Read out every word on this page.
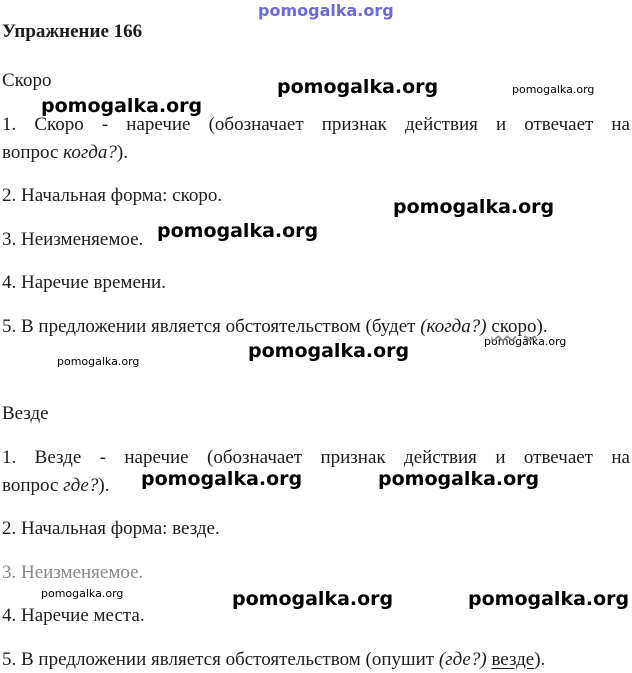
pomogalka.org
pomogalka.org	pomogalka.org
pomogalka.org
pomogalka.org
pomogalka.org
pomogalka.org	pomogalka.org
pomogalka.org
pomogalka.org	pomogalka.org
pomogalka.org	pomogalka.org	pomogalka.org
Упражнение 166
Скоро
1. Скоро - наречие (обозначает признак действия и отвечает на
вопрос когда?).
2. Начальная форма: скоро.
3. Неизменяемое.
4. Наречие времени.
5. В предложении является обстоятельством (будет (когда?) скоро).
Везде
1. Везде - наречие (обозначает признак действия и отвечает на
вопрос где?).
2. Начальная форма: везде.
3. Неизменяемое.
4. Наречие места.
5. В предложении является обстоятельством (опушит (где?) везде).
